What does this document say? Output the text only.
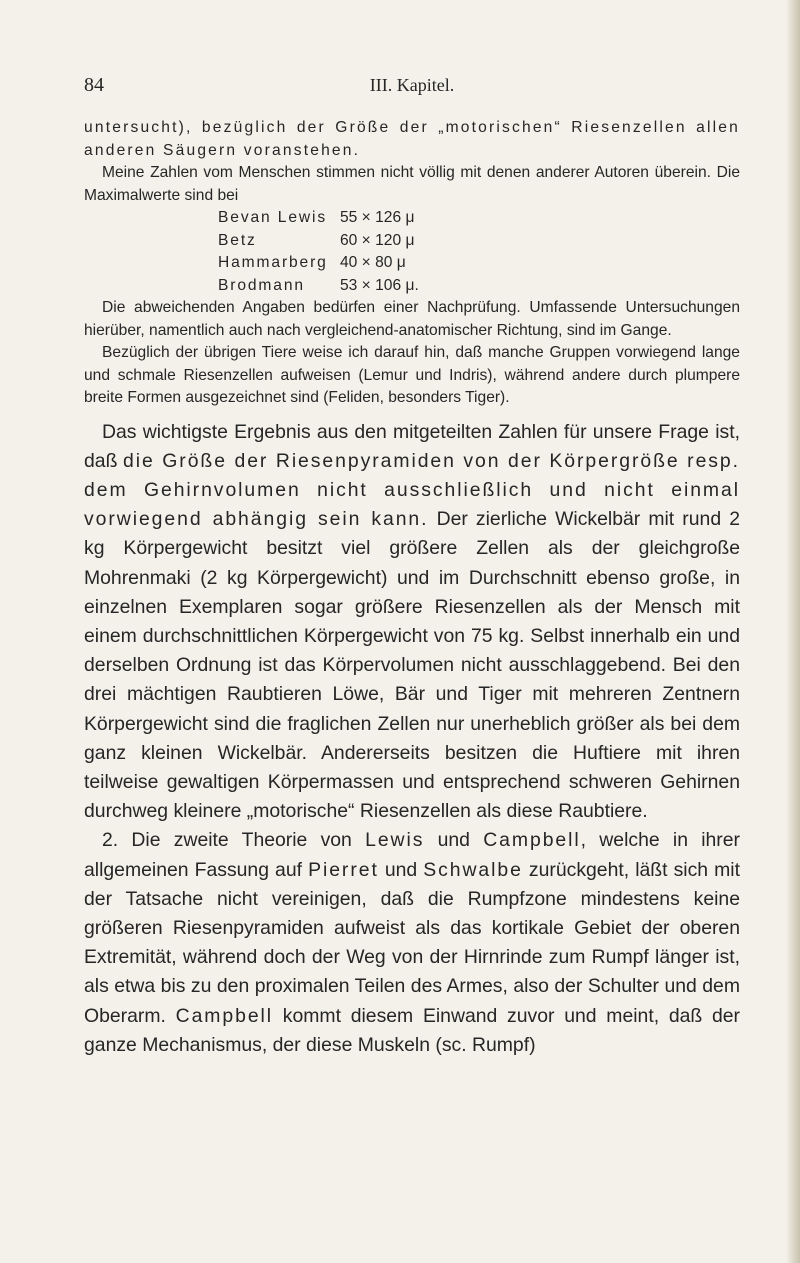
84	III. Kapitel.

untersucht), bezüglich der Größe der „motorischen“ Riesenzellen allen anderen Säugern voranstehen.

Meine Zahlen vom Menschen stimmen nicht völlig mit denen anderer Autoren überein. Die Maximalwerte sind bei

Bevan Lewis	55 × 126 μ
Betz	60 × 120 μ
Hammarberg	40 × 80 μ
Brodmann	53 × 106 μ.

Die abweichenden Angaben bedürfen einer Nachprüfung. Umfassende Untersuchungen hierüber, namentlich auch nach vergleichend-anatomischer Richtung, sind im Gange.

Bezüglich der übrigen Tiere weise ich darauf hin, daß manche Gruppen vorwiegend lange und schmale Riesenzellen aufweisen (Lemur und Indris), während andere durch plumpere breite Formen ausgezeichnet sind (Feliden, besonders Tiger).

Das wichtigste Ergebnis aus den mitgeteilten Zahlen für unsere Frage ist, daß die Größe der Riesenpyramiden von der Körpergröße resp. dem Gehirnvolumen nicht ausschließlich und nicht einmal vorwiegend abhängig sein kann. Der zierliche Wickelbär mit rund 2 kg Körpergewicht besitzt viel größere Zellen als der gleichgroße Mohrenmaki (2 kg Körpergewicht) und im Durchschnitt ebenso große, in einzelnen Exemplaren sogar größere Riesenzellen als der Mensch mit einem durchschnittlichen Körpergewicht von 75 kg. Selbst innerhalb ein und derselben Ordnung ist das Körpervolumen nicht ausschlaggebend. Bei den drei mächtigen Raubtieren Löwe, Bär und Tiger mit mehreren Zentnern Körpergewicht sind die fraglichen Zellen nur unerheblich größer als bei dem ganz kleinen Wickelbär. Andererseits besitzen die Huftiere mit ihren teilweise gewaltigen Körpermassen und entsprechend schweren Gehirnen durchweg kleinere „motorische“ Riesenzellen als diese Raubtiere.

2. Die zweite Theorie von Lewis und Campbell, welche in ihrer allgemeinen Fassung auf Pierret und Schwalbe zurückgeht, läßt sich mit der Tatsache nicht vereinigen, daß die Rumpfzone mindestens keine größeren Riesenpyramiden aufweist als das kortikale Gebiet der oberen Extremität, während doch der Weg von der Hirnrinde zum Rumpf länger ist, als etwa bis zu den proximalen Teilen des Armes, also der Schulter und dem Oberarm. Campbell kommt diesem Einwand zuvor und meint, daß der ganze Mechanismus, der diese Muskeln (sc. Rumpf)
